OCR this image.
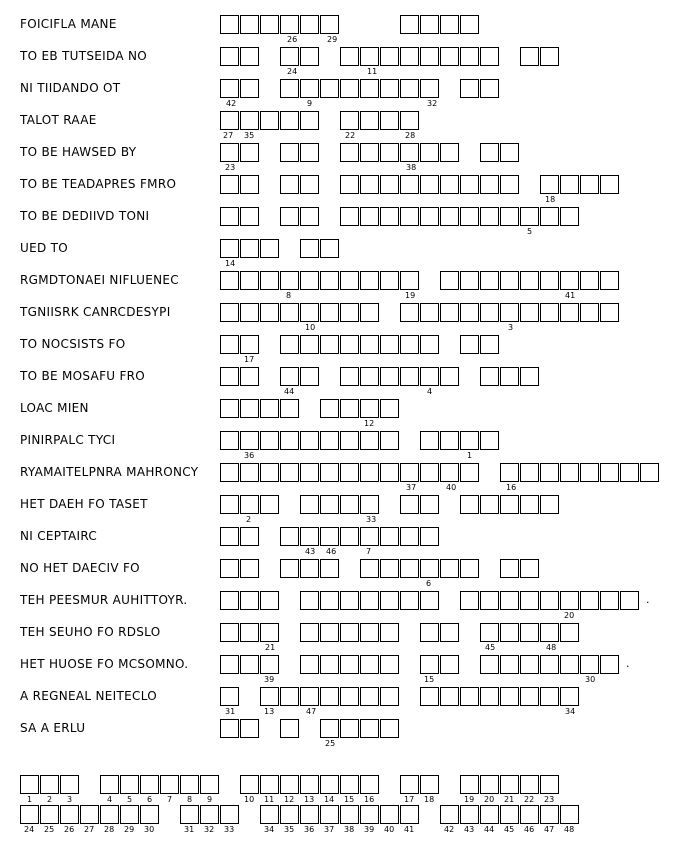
FOICIFLA MANE
26	29
TO EB TUTSEIDA NO
24	11
NI TIIDANDO OT
42	9	32
TALOT RAAE
27 35	22	28
TO BE HAWSED BY
23	38
TO BE TEADAPRES FMRO
18
TO BE DEDIIVD TONI
5
UED TO
14
RGMDTONAEI NIFLUENEC
8	19	41
TGNIISRK CANRCDESYPI
10	3
TO NOCSISTS FO
17
TO BE MOSAFU FRO
44	4
LOAC MIEN
12
PINIRPALC TYCI
36	1
RYAMAITELPNRA MAHRONCY
37	40	16
HET DAEH FO TASET
2	33
NI CEPTAIRC
43 46	7
NO HET DAECIV FO
6
TEH PEESMUR AUHITTOYR.
20
.
TEH SEUHO FO RDSLO
21	45	48
HET HUOSE FO MCSOMNO.
39	15	30
.
A REGNEAL NEITECLO
31	13	47	34
SA A ERLU
25
1 2 3	4 5 6 7 8 9	10 11 12 13 14 15 16	17 18	19 20 21 22 23
24 25 26 27 28 29 30	31 32 33	34 35 36 37 38 39 40 41	42 43 44 45 46 47 48
